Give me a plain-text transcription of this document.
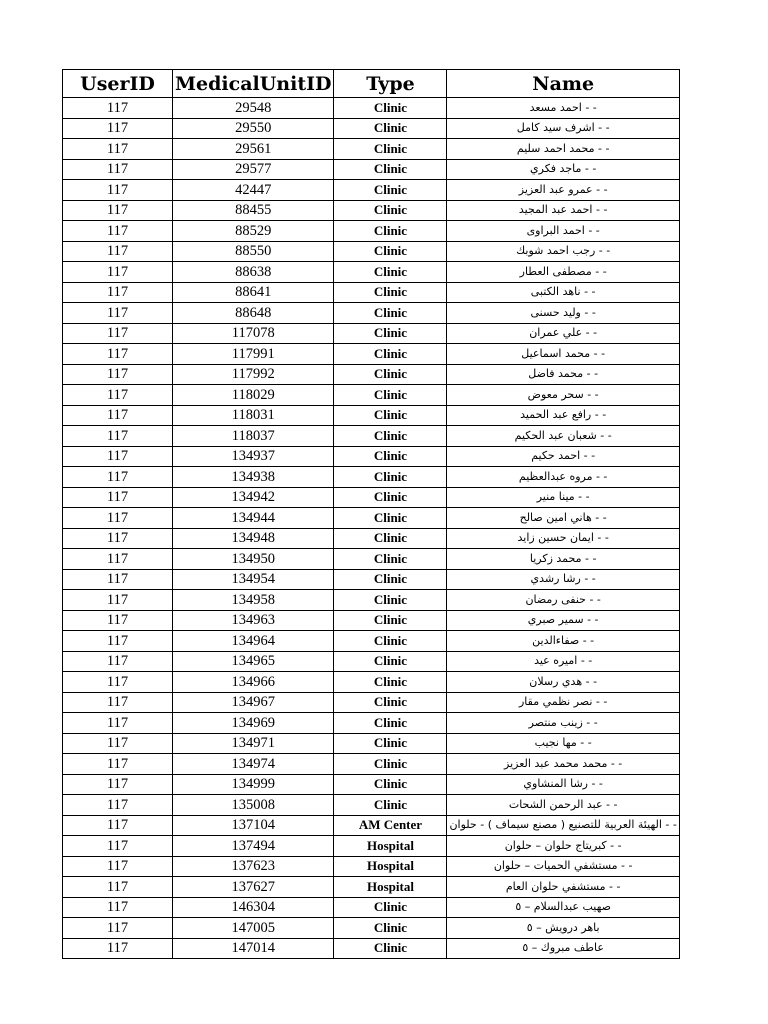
UserID	MedicalUnitID	Type	Name
117	29548	Clinic	- - احمد مسعد
117	29550	Clinic	- - اشرف سيد كامل
117	29561	Clinic	- - محمد احمد سليم
117	29577	Clinic	- - ماجد فكري
117	42447	Clinic	- - عمرو عبد العزيز
117	88455	Clinic	- - احمد عبد المجيد
117	88529	Clinic	- - احمد البراوى
117	88550	Clinic	- - رجب احمد شوبك
117	88638	Clinic	- - مصطفى العطار
117	88641	Clinic	- - ناهد الكتبى
117	88648	Clinic	- - وليد حسنى
117	117078	Clinic	- - علي عمران
117	117991	Clinic	- - محمد اسماعيل
117	117992	Clinic	- - محمد فاضل
117	118029	Clinic	- - سحر معوض
117	118031	Clinic	- - رافع عبد الحميد
117	118037	Clinic	- - شعبان عبد الحكيم
117	134937	Clinic	- - احمد حكيم
117	134938	Clinic	- - مروه عبدالعظيم
117	134942	Clinic	- - مينا منير
117	134944	Clinic	- - هاني امين صالح
117	134948	Clinic	- - ايمان حسين زايد
117	134950	Clinic	- - محمد زكريا
117	134954	Clinic	- - رشا رشدي
117	134958	Clinic	- - حنفى رمضان
117	134963	Clinic	- - سمير صبري
117	134964	Clinic	- - صفاءالدين
117	134965	Clinic	- - اميره عيد
117	134966	Clinic	- - هدي رسلان
117	134967	Clinic	- - نصر نظمي مقار
117	134969	Clinic	- - زينب منتصر
117	134971	Clinic	- - مها نجيب
117	134974	Clinic	- - محمد محمد عبد العزيز
117	134999	Clinic	- - رشا المنشاوي
117	135008	Clinic	- - عبد الرحمن الشحات
117	137104	AM Center	- - الهيئة العربية للتصنيع ( مصنع سيماف ) - حلوان
117	137494	Hospital	- - كبريتاج حلوان – حلوان
117	137623	Hospital	- - مستشفي الحميات – حلوان
117	137627	Hospital	- - مستشفي حلوان العام
117	146304	Clinic	صهيب عبدالسلام – ٥
117	147005	Clinic	باهر درويش – ٥
117	147014	Clinic	عاطف مبروك – ٥
